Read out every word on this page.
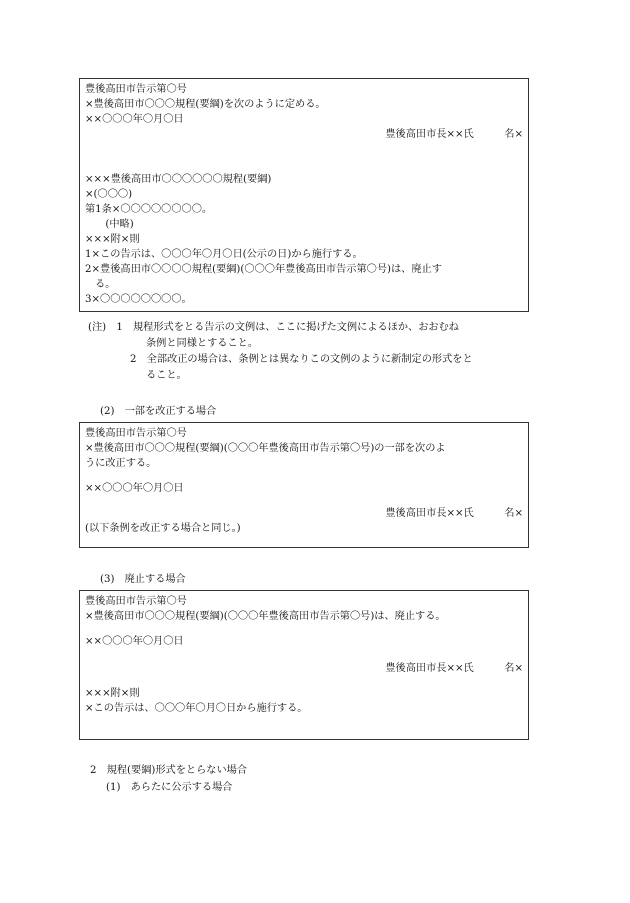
豊後高田市告示第〇号
×豊後高田市〇〇〇規程(要綱)を次のように定める。
××〇〇〇年〇月〇日
豊後高田市長××氏　　　名×
×××豊後高田市〇〇〇〇〇〇規程(要綱)
×(〇〇〇)
第1条×〇〇〇〇〇〇〇〇。
　　(中略)
×××附×則
1×この告示は、〇〇〇年〇月〇日(公示の日)から施行する。
2×豊後高田市〇〇〇〇規程(要綱)(〇〇〇年豊後高田市告示第〇号)は、廃止す
る。
3×〇〇〇〇〇〇〇〇。
(注)　1　規程形式をとる告示の文例は、ここに掲げた文例によるほか、おおむね
条例と同様とすること。
2　全部改正の場合は、条例とは異なりこの文例のように新制定の形式をと
ること。
(2)　一部を改正する場合
豊後高田市告示第〇号
×豊後高田市〇〇〇規程(要綱)(〇〇〇年豊後高田市告示第〇号)の一部を次のよ
うに改正する。
××〇〇〇年〇月〇日
豊後高田市長××氏　　　名×
(以下条例を改正する場合と同じ。)
(3)　廃止する場合
豊後高田市告示第〇号
×豊後高田市〇〇〇規程(要綱)(〇〇〇年豊後高田市告示第〇号)は、廃止する。
××〇〇〇年〇月〇日
豊後高田市長××氏　　　名×
×××附×則
×この告示は、〇〇〇年〇月〇日から施行する。
2　規程(要綱)形式をとらない場合
(1)　あらたに公示する場合
